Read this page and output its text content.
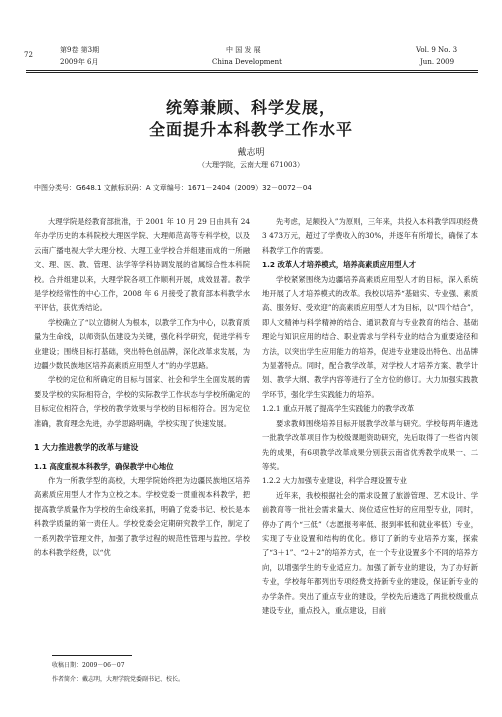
72
第9卷 第3期
2009年 6月
中 国 发 展
China Development
Vol. 9 No. 3
Jun. 2009
统筹兼顾、科学发展，
全面提升本科教学工作水平
戴志明
（大理学院，云南大理 671003）
中图分类号：G648.1 文献标识码：A 文章编号：1671－2404（2009）32－0072－04

大理学院是经教育部批准，于 2001 年 10 月 29 日由具有 24 年办学历史的本科院校大理医学院、大理师范高等专科学校，以及云南广播电视大学大理分校、大理工业学校合并组建而成的一所融文、理、医、教、管理、法学等学科协调发展的省属综合性本科院校。合并组建以来，大理学院各项工作顺利开展，成效显著。教学是学校经常性的中心工作，2008 年 6 月接受了教育部本科教学水平评估，获优秀结论。

学校确立了“以立德树人为根本，以教学工作为中心，以教育质量为生命线，以师资队伍建设为关键，强化科学研究，促进学科专业建设；围绕目标打基础，突出特色创品牌，深化改革求发展，为边疆少数民族地区培养高素质应用型人才”的办学思路。

学校的定位和所确定的目标与国家、社会和学生全面发展的需要及学校的实际相符合，学校的实际教学工作状态与学校所确定的目标定位相符合，学校的教学效果与学校的目标相符合。因为定位准确，教育理念先进，办学思路明确，学校实现了快速发展。

1 大力推进教学的改革与建设

1.1 高度重视本科教学，确保教学中心地位

作为一所教学型的高校，大理学院始终把为边疆民族地区培养高素质应用型人才作为立校之本。学校党委一贯重视本科教学，把提高教学质量作为学校的生命线来抓，明确了党委书记、校长是本科教学质量的第一责任人。学校党委会定期研究教学工作，制定了一系列教学管理文件，加强了教学过程的规范性管理与监控。学校的本科教学经费，以“优

先考虑，足额投入”为原则，三年来，共投入本科教学四项经费3 473万元，超过了学费收入的30%，并逐年有所增长，确保了本科教学工作的需要。

1.2 改革人才培养模式，培养高素质应用型人才

学校紧紧围绕为边疆培养高素质应用型人才的目标，深入系统地开展了人才培养模式的改革。我校以培养“基础实、专业强、素质高、服务好、受欢迎”的高素质应用型人才为目标，以“四个结合”，即人文精神与科学精神的结合、通识教育与专业教育的结合、基础理论与知识应用的结合、职业需求与学科专业的结合为重要途径和方法，以突出学生应用能力的培养，促进专业建设出特色、出品牌为显著特点。同时，配合教学改革，对学校人才培养方案、教学计划、教学大纲、教学内容等进行了全方位的修订。大力加强实践教学环节，强化学生实践能力的培养。

1.2.1 重点开展了提高学生实践能力的教学改革

要求教师围绕培养目标开展教学改革与研究。学校每两年遴选一批教学改革项目作为校级课题资助研究，先后取得了一些省内领先的成果，有6项教学改革成果分别获云南省优秀教学成果一、二等奖。

1.2.2 大力加强专业建设，科学合理设置专业

近年来，我校根据社会的需求设置了旅游管理、艺术设计、学前教育等一批社会需求量大、岗位适应性好的应用型专业，同时，停办了两个“三低”（志愿报考率低、报到率低和就业率低）专业，实现了专业设置和结构的优化。修订了新的专业培养方案，探索了“3＋1”、“2＋2”的培养方式，在一个专业设置多个不同的培养方向，以增强学生的专业适应力。加强了新专业的建设，为了办好新专业，学校每年都列出专项经费支持新专业的建设，保证新专业的办学条件。突出了重点专业的建设，学校先后遴选了两批校级重点建设专业，重点投入，重点建设，目前

收稿日期：2009－06－07
作者简介：戴志明，大理学院党委副书记、校长。
